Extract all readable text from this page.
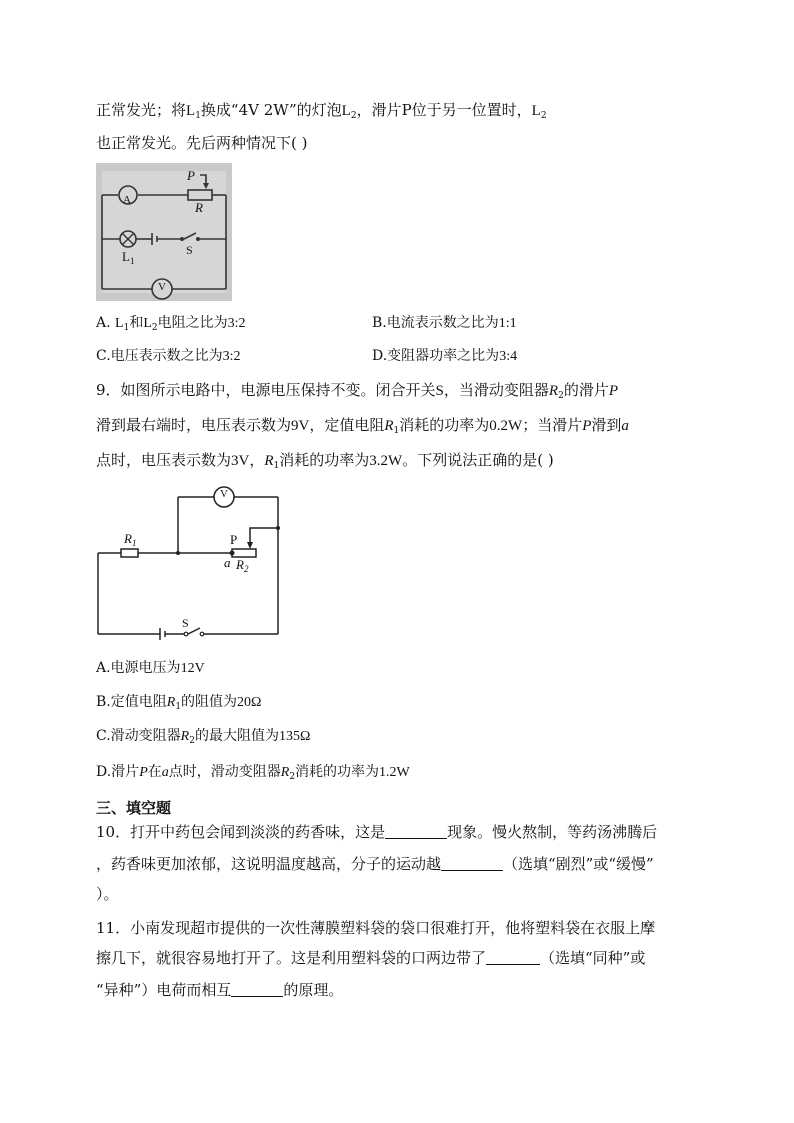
正常发光；将$L_1$换成“4V 2W”的灯泡$L_2$，滑片P位于另一位置时，$L_2$
也正常发光。先后两种情况下( )
A
V
P
R
$L_1$
S
A. $L_1$和$L_2$电阻之比为3:2	B.电流表示数之比为1:1
C.电压表示数之比为3:2	D.变阻器功率之比为3:4
9．如图所示电路中，电源电压保持不变。闭合开关S，当滑动变阻器$R_2$的滑片P
滑到最右端时，电压表示数为9V，定值电阻$R_1$消耗的功率为0.2W；当滑片P滑到a
点时，电压表示数为3V，$R_1$消耗的功率为3.2W。下列说法正确的是( )
V
$R_1$	P
a $R_2$
S
A.电源电压为12V
B.定值电阻$R_1$的阻值为20Ω
C.滑动变阻器$R_2$的最大阻值为135Ω
D.滑片P在a点时，滑动变阻器$R_2$消耗的功率为1.2W
三、填空题
10．打开中药包会闻到淡淡的药香味，这是	现象。慢火熬制，等药汤沸腾后
，药香味更加浓郁，这说明温度越高，分子的运动越	（选填“剧烈”或“缓慢”
）。
11．小南发现超市提供的一次性薄膜塑料袋的袋口很难打开，他将塑料袋在衣服上摩
擦几下，就很容易地打开了。这是利用塑料袋的口两边带了	（选填“同种”或
“异种”）电荷而相互	的原理。
